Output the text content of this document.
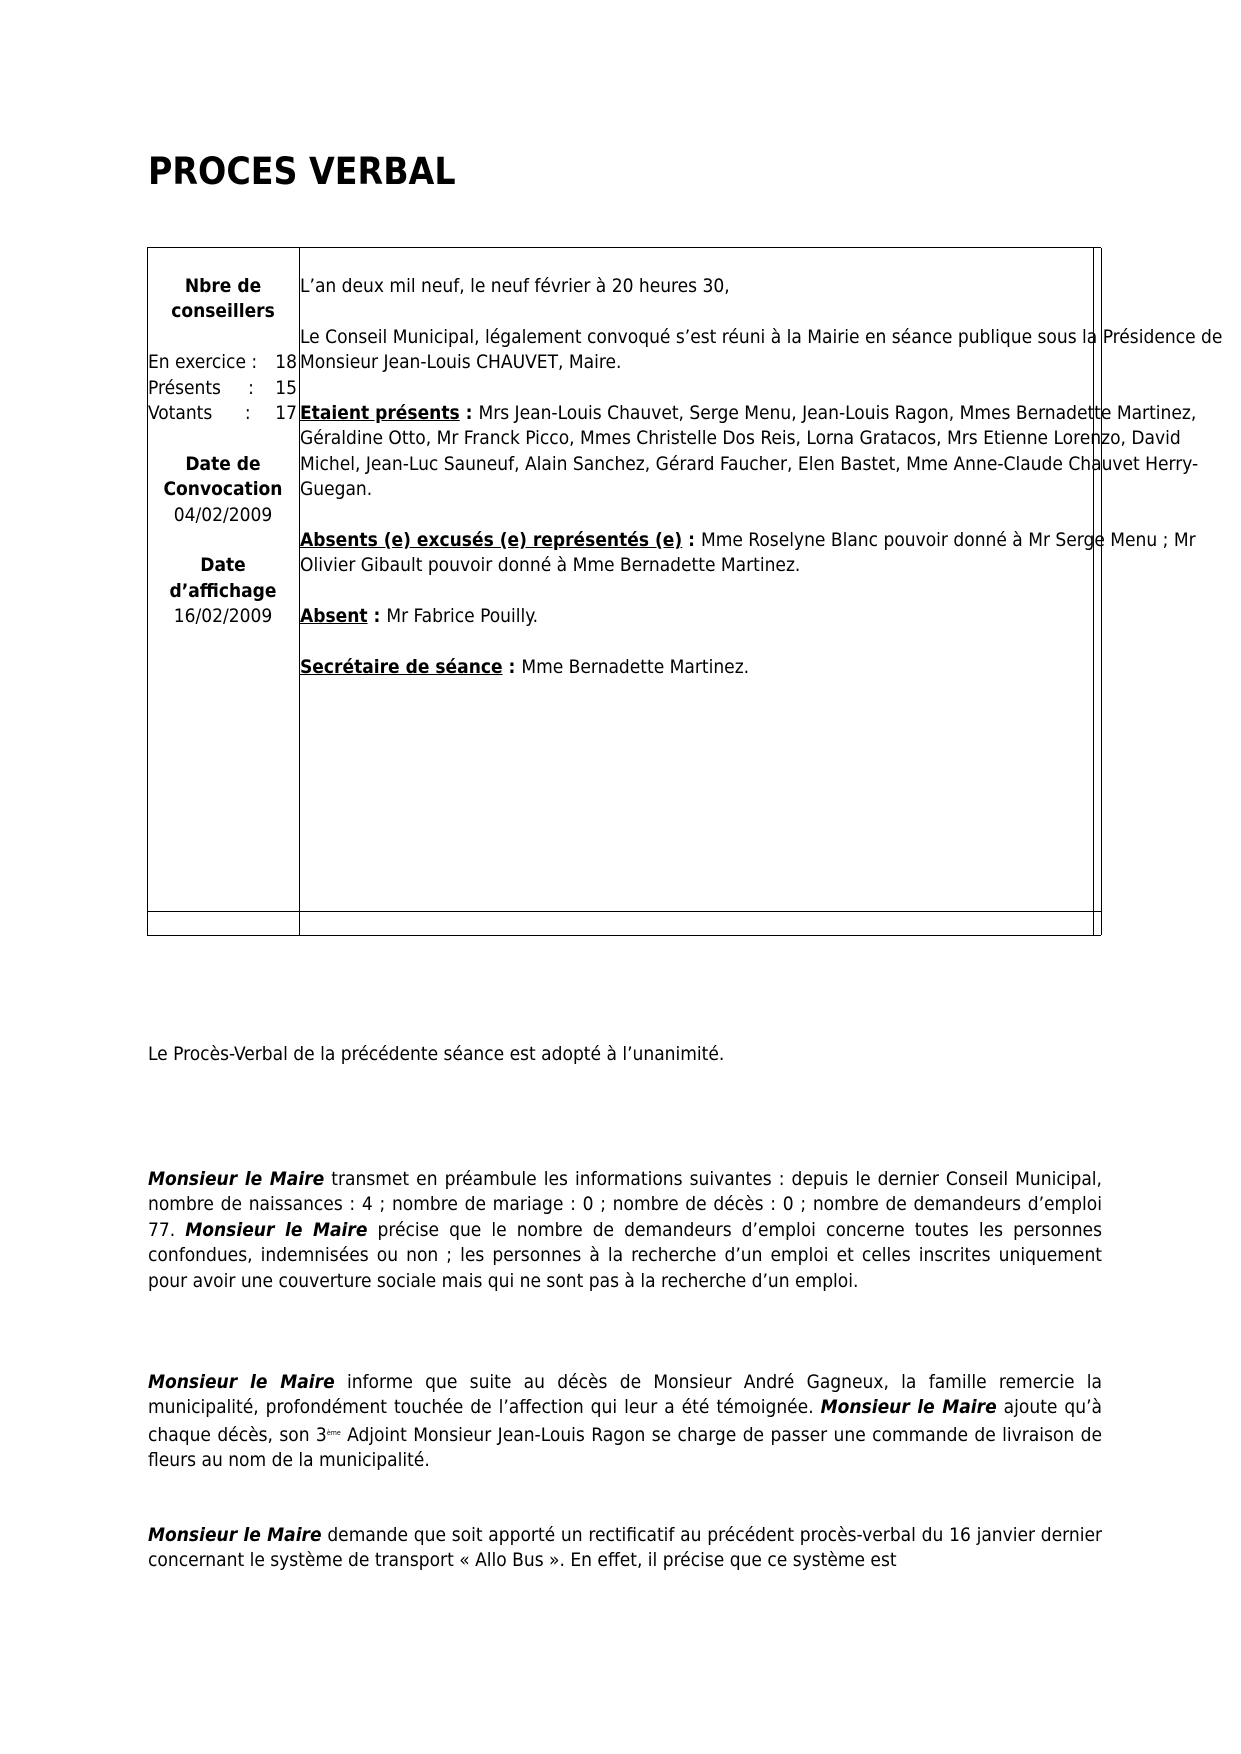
PROCES VERBAL
Nbre de
conseillers
En exercice : 18
Présents     : 15
Votants      : 17
Date de
Convocation
04/02/2009
Date
d’affichage
16/02/2009

L’an deux mil neuf, le neuf février à 20 heures 30,

Le Conseil Municipal, légalement convoqué s’est réuni à la Mairie en séance publique sous la Présidence de Monsieur Jean-Louis CHAUVET, Maire.

Etaient présents : Mrs Jean-Louis Chauvet, Serge Menu, Jean-Louis Ragon, Mmes Bernadette Martinez, Géraldine Otto, Mr Franck Picco, Mmes Christelle Dos Reis, Lorna Gratacos, Mrs Etienne Lorenzo, David Michel, Jean-Luc Sauneuf, Alain Sanchez, Gérard Faucher, Elen Bastet, Mme Anne-Claude Chauvet Herry-Guegan.

Absents (e) excusés (e) représentés (e) : Mme Roselyne Blanc pouvoir donné à Mr Serge Menu ; Mr Olivier Gibault pouvoir donné à Mme Bernadette Martinez.

Absent : Mr Fabrice Pouilly.

Secrétaire de séance : Mme Bernadette Martinez.

Le Procès-Verbal de la précédente séance est adopté à l’unanimité.

Monsieur le Maire transmet en préambule les informations suivantes : depuis le dernier Conseil Municipal, nombre de naissances : 4 ; nombre de mariage : 0 ; nombre de décès : 0 ; nombre de demandeurs d’emploi 77. Monsieur le Maire précise que le nombre de demandeurs d’emploi concerne toutes les personnes confondues, indemnisées ou non ; les personnes à la recherche d’un emploi et celles inscrites uniquement pour avoir une couverture sociale mais qui ne sont pas à la recherche d’un emploi.

Monsieur le Maire informe que suite au décès de Monsieur André Gagneux, la famille remercie la municipalité, profondément touchée de l’affection qui leur a été témoignée. Monsieur le Maire ajoute qu’à chaque décès, son 3ème Adjoint Monsieur Jean-Louis Ragon se charge de passer une commande de livraison de fleurs au nom de la municipalité.

Monsieur le Maire demande que soit apporté un rectificatif au précédent procès-verbal du 16 janvier dernier concernant le système de transport « Allo Bus ». En effet, il précise que ce système est
